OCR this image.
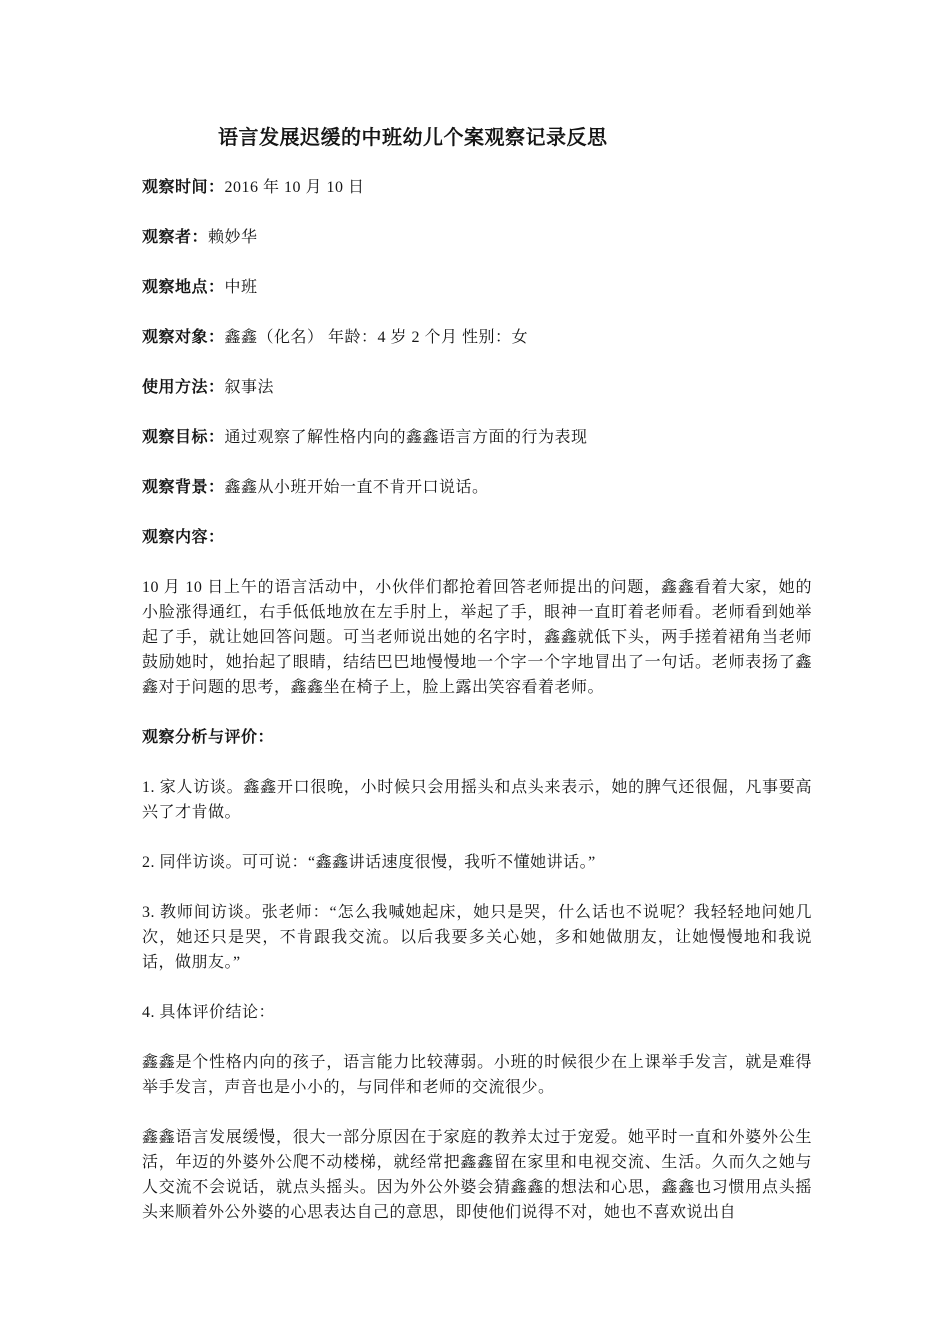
语言发展迟缓的中班幼儿个案观察记录反思

观察时间：2016 年 10 月 10 日

观察者：赖妙华

观察地点：中班

观察对象：鑫鑫（化名） 年龄：4 岁 2 个月 性别：女

使用方法：叙事法

观察目标：通过观察了解性格内向的鑫鑫语言方面的行为表现

观察背景：鑫鑫从小班开始一直不肯开口说话。

观察内容：

10 月 10 日上午的语言活动中，小伙伴们都抢着回答老师提出的问题，鑫鑫看着大家，她的小脸涨得通红，右手低低地放在左手肘上，举起了手，眼神一直盯着老师看。老师看到她举起了手，就让她回答问题。可当老师说出她的名字时，鑫鑫就低下头，两手搓着裙角当老师鼓励她时，她抬起了眼睛，结结巴巴地慢慢地一个字一个字地冒出了一句话。老师表扬了鑫鑫对于问题的思考，鑫鑫坐在椅子上，脸上露出笑容看着老师。

观察分析与评价：

1. 家人访谈。鑫鑫开口很晚，小时候只会用摇头和点头来表示，她的脾气还很倔，凡事要高兴了才肯做。

2. 同伴访谈。可可说：“鑫鑫讲话速度很慢，我听不懂她讲话。”

3. 教师间访谈。张老师：“怎么我喊她起床，她只是哭，什么话也不说呢？我轻轻地问她几次，她还只是哭，不肯跟我交流。以后我要多关心她，多和她做朋友，让她慢慢地和我说话，做朋友。”

4. 具体评价结论：

鑫鑫是个性格内向的孩子，语言能力比较薄弱。小班的时候很少在上课举手发言，就是难得举手发言，声音也是小小的，与同伴和老师的交流很少。

鑫鑫语言发展缓慢，很大一部分原因在于家庭的教养太过于宠爱。她平时一直和外婆外公生活，年迈的外婆外公爬不动楼梯，就经常把鑫鑫留在家里和电视交流、生活。久而久之她与人交流不会说话，就点头摇头。因为外公外婆会猜鑫鑫的想法和心思，鑫鑫也习惯用点头摇头来顺着外公外婆的心思表达自己的意思，即使他们说得不对，她也不喜欢说出自
